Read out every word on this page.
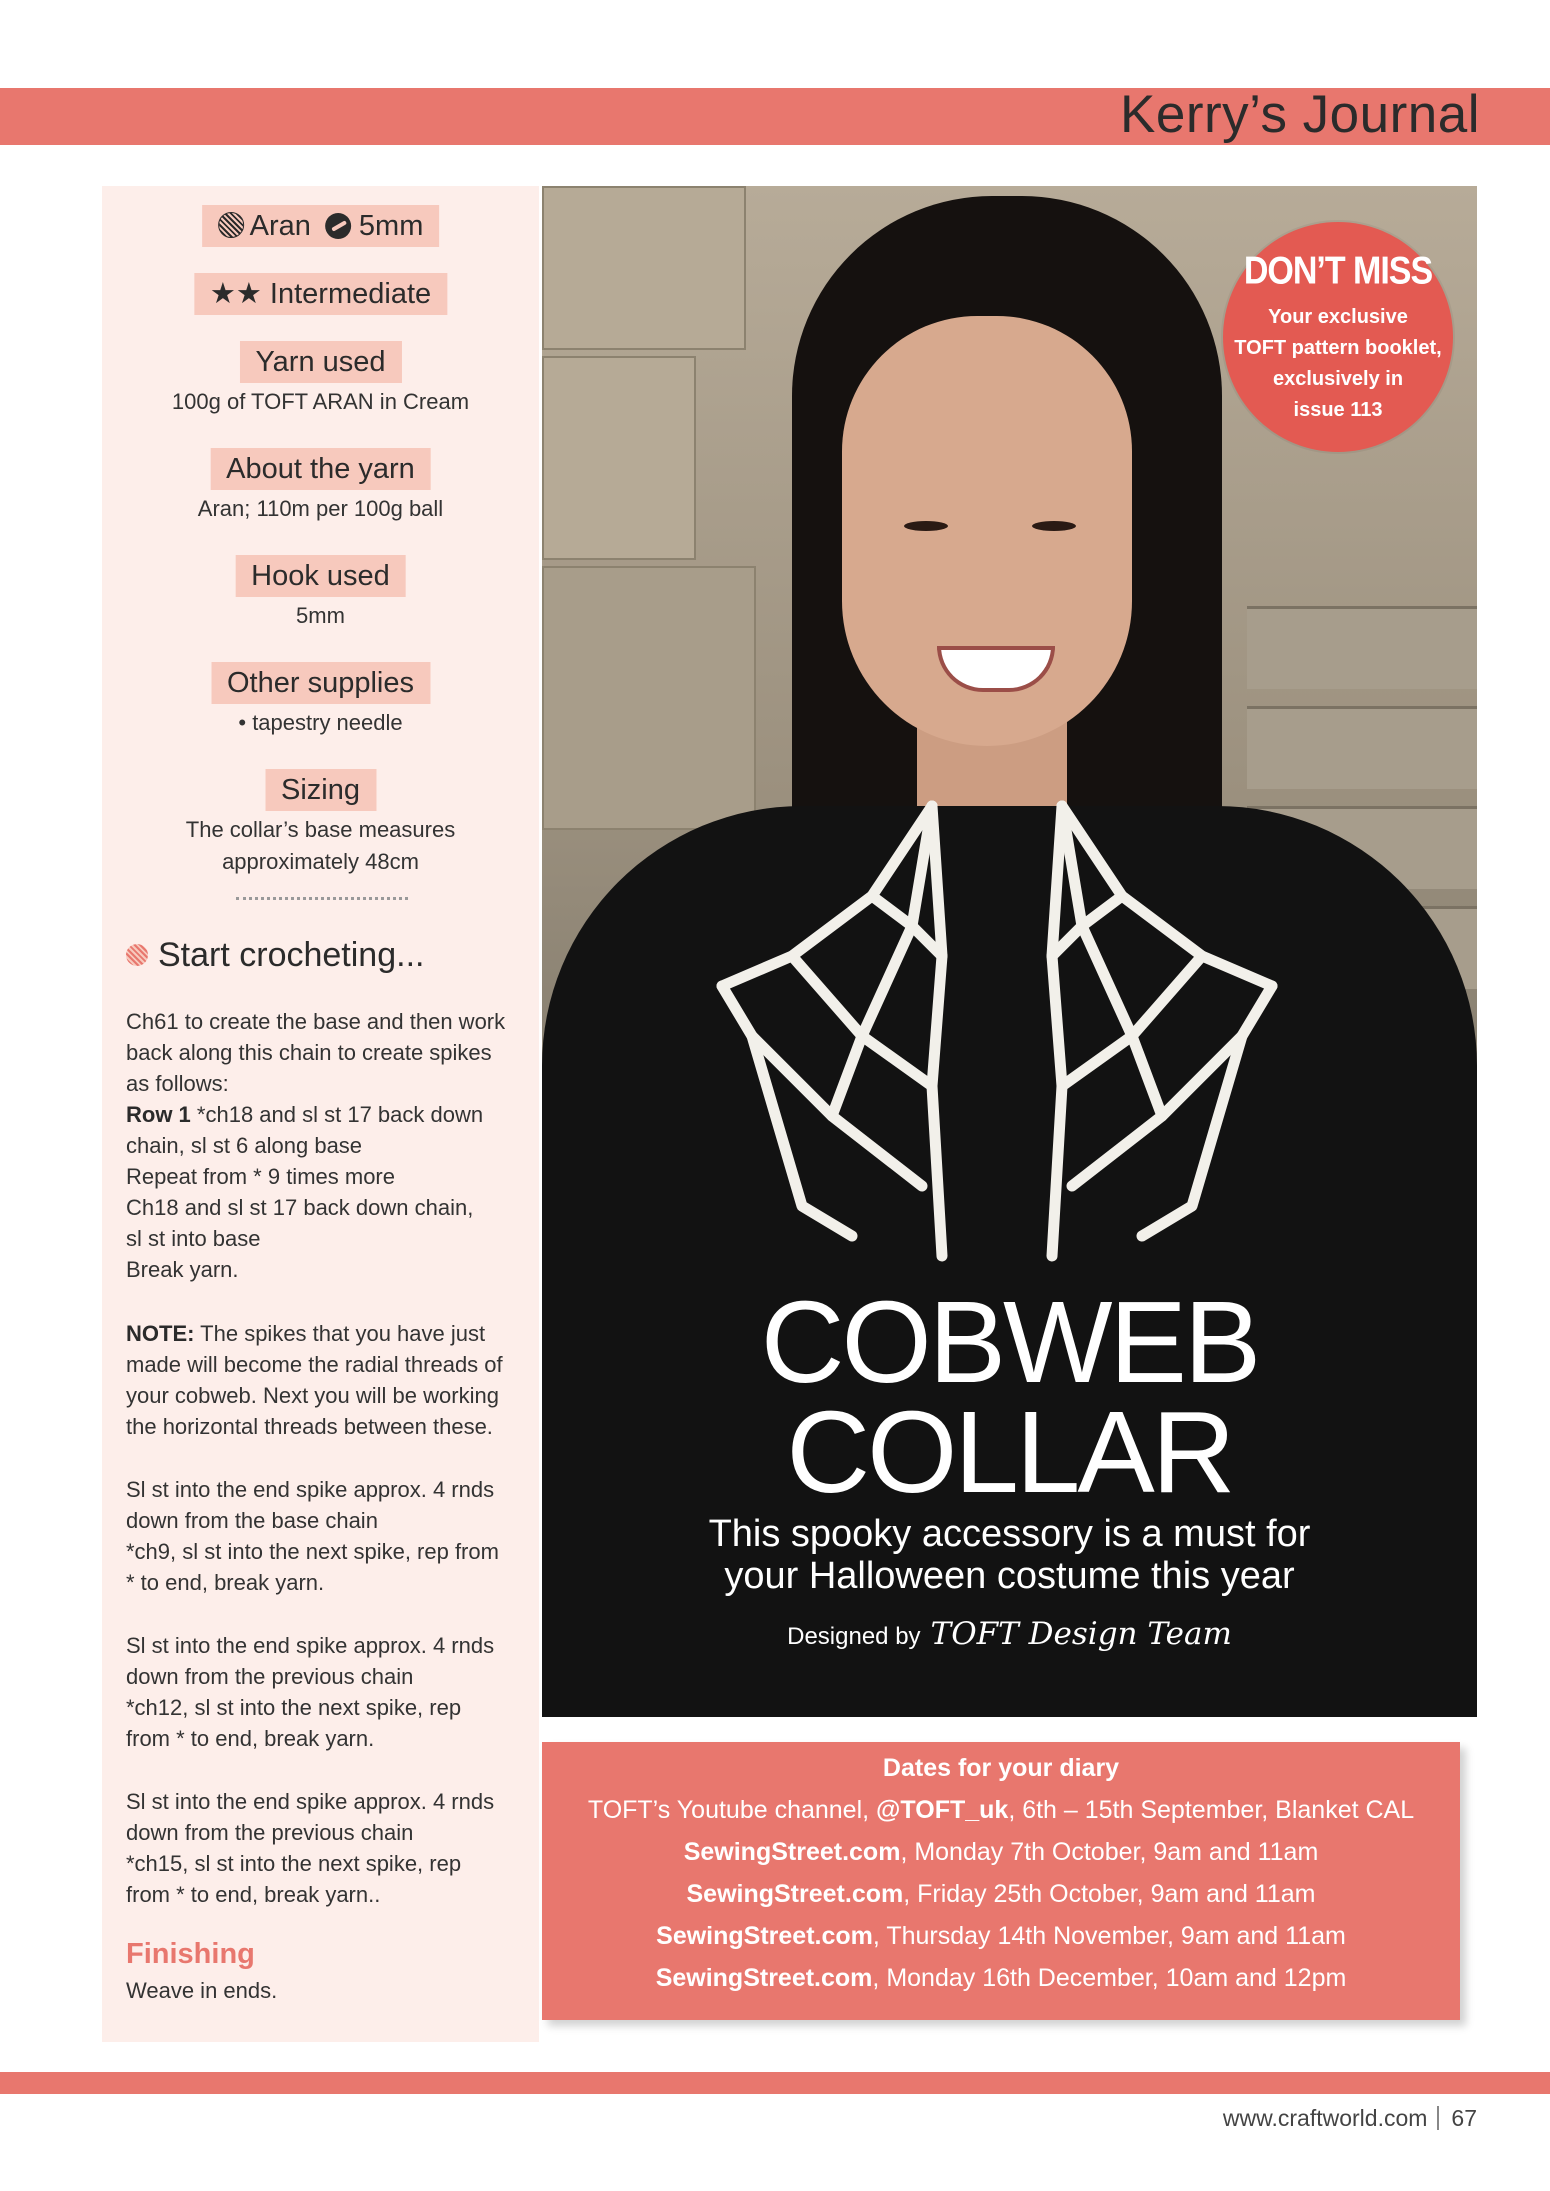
Kerry’s Journal
Aran 5mm
★★ Intermediate
Yarn used
100g of TOFT ARAN in Cream
About the yarn
Aran; 110m per 100g ball
Hook used
5mm
Other supplies
• tapestry needle
Sizing
The collar’s base measures
approximately 48cm
Start crocheting...
Ch61 to create the base and then work
back along this chain to create spikes
as follows:
Row 1 *ch18 and sl st 17 back down
chain, sl st 6 along base
Repeat from * 9 times more
Ch18 and sl st 17 back down chain,
sl st into base
Break yarn.
NOTE: The spikes that you have just
made will become the radial threads of
your cobweb. Next you will be working
the horizontal threads between these.
Sl st into the end spike approx. 4 rnds
down from the base chain
*ch9, sl st into the next spike, rep from
* to end, break yarn.
Sl st into the end spike approx. 4 rnds
down from the previous chain
*ch12, sl st into the next spike, rep
from * to end, break yarn.
Sl st into the end spike approx. 4 rnds
down from the previous chain
*ch15, sl st into the next spike, rep
from * to end, break yarn..
Finishing
Weave in ends.
COBWEB
COLLAR
This spooky accessory is a must for
your Halloween costume this year
Designed by TOFT Design Team
DON’T MISS
Your exclusive
TOFT pattern booklet,
exclusively in
issue 113
Dates for your diary
TOFT’s Youtube channel, @TOFT_uk, 6th – 15th September, Blanket CAL
SewingStreet.com, Monday 7th October, 9am and 11am
SewingStreet.com, Friday 25th October, 9am and 11am
SewingStreet.com, Thursday 14th November, 9am and 11am
SewingStreet.com, Monday 16th December, 10am and 12pm
www.craftworld.com 67
